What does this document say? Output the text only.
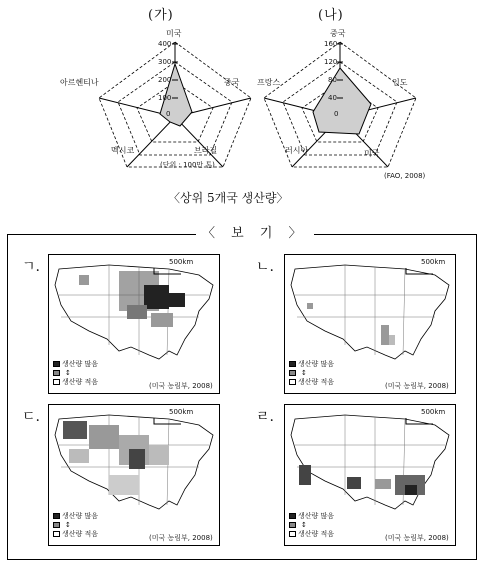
(가)
400
300
200
100
0
미국
중국
브라질
멕시코
아르헨티나
(단위 : 100만 톤)
(나)
160
120
80
40
0
중국
인도
미국
러시아
프랑스
(FAO, 2008)
〈상위 5개국 생산량〉
〈 보 기 〉
ㄱ.	500km
생산량 많음
↕
생산량 적음	(미국 농림부, 2008)
ㄴ.	500km
생산량 많음
↕
생산량 적음	(미국 농림부, 2008)
ㄷ.	500km
생산량 많음
↕
생산량 적음	(미국 농림부, 2008)
ㄹ.	500km
생산량 많음
↕
생산량 적음	(미국 농림부, 2008)
